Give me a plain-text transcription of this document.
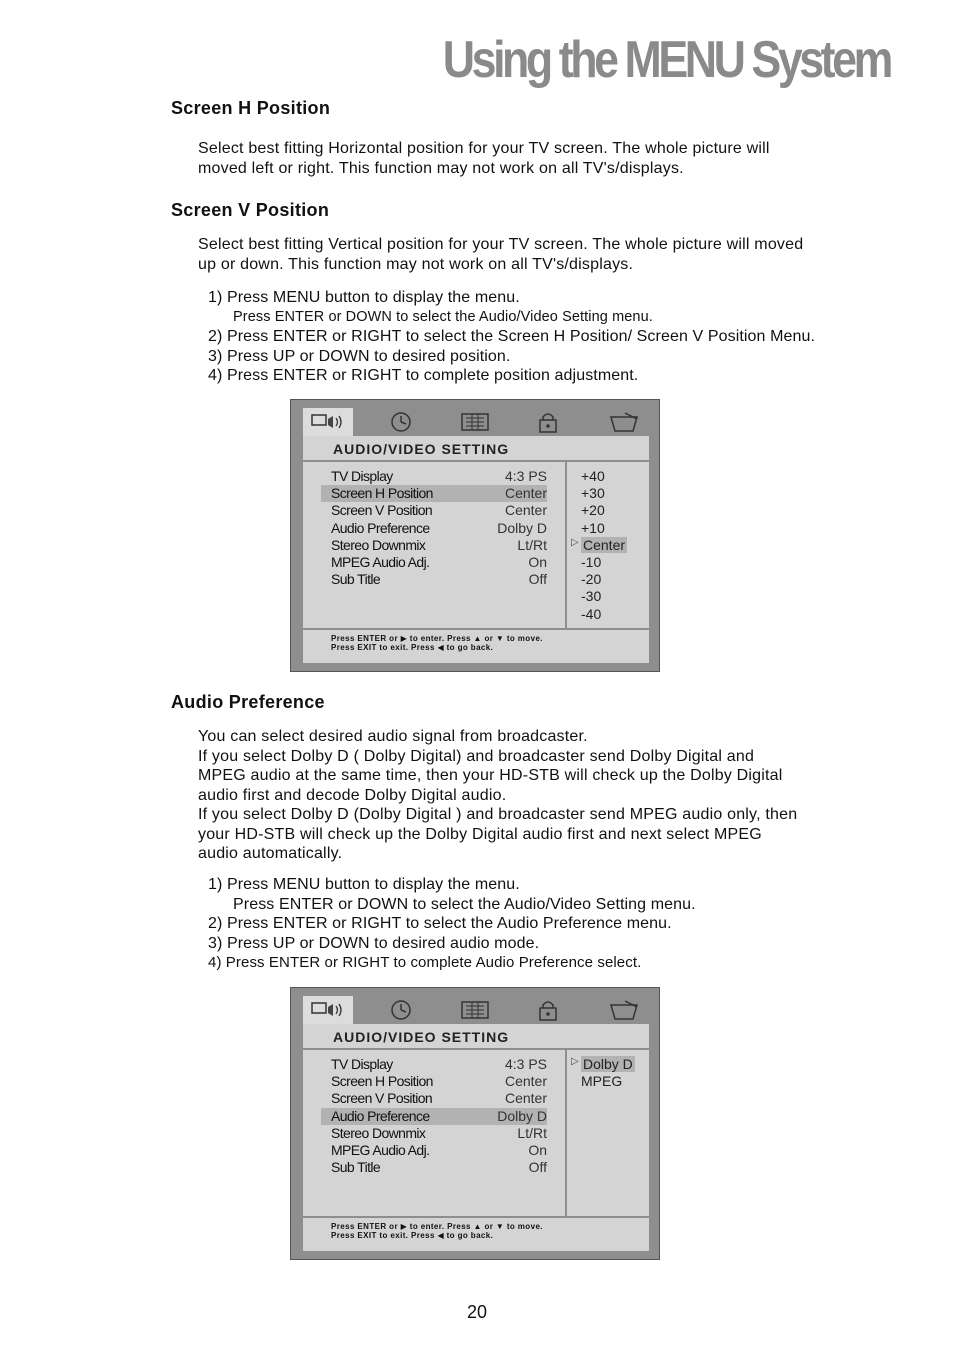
Using the MENU System
Screen H Position
Select best fitting Horizontal position for your TV screen. The whole picture will
moved left or right. This function may not work on all TV's/displays.
Screen V Position
Select best fitting Vertical position for your TV screen. The whole picture will moved
up or down. This function may not work on all TV's/displays.
1) Press MENU button to display the menu.
Press ENTER or DOWN to select the Audio/Video Setting menu.
2) Press ENTER or RIGHT to select the Screen H Position/ Screen V Position Menu.
3) Press UP or DOWN to desired position.
4) Press ENTER or RIGHT to complete position adjustment.
AUDIO/VIDEO SETTING
TV Display	4:3 PS
Screen H Position	Center
Screen V Position	Center
Audio Preference	Dolby D
Stereo Downmix	Lt/Rt
MPEG Audio Adj.	On
Sub Title	Off
+40
+30
+20
+10
▷ Center
-10
-20
-30
-40
Press ENTER or ▶ to enter. Press ▲ or ▼ to move.
Press EXIT to exit. Press ◀ to go back.
Audio Preference
You can select desired audio signal from broadcaster.
If you select Dolby D ( Dolby Digital) and broadcaster send Dolby Digital and
MPEG audio at the same time, then your HD-STB will check up the Dolby Digital
audio first and decode Dolby Digital audio.
If you select Dolby D (Dolby Digital ) and broadcaster send MPEG audio only, then
your HD-STB will check up the Dolby Digital audio first and next select MPEG
audio automatically.
1) Press MENU button to display the menu.
Press ENTER or DOWN to select the Audio/Video Setting menu.
2) Press ENTER or RIGHT to select the Audio Preference menu.
3) Press UP or DOWN to desired audio mode.
4) Press ENTER or RIGHT to complete Audio Preference select.
AUDIO/VIDEO SETTING
TV Display	4:3 PS
Screen H Position	Center
Screen V Position	Center
Audio Preference	Dolby D
Stereo Downmix	Lt/Rt
MPEG Audio Adj.	On
Sub Title	Off
▷ Dolby D
MPEG
Press ENTER or ▶ to enter. Press ▲ or ▼ to move.
Press EXIT to exit. Press ◀ to go back.
20
